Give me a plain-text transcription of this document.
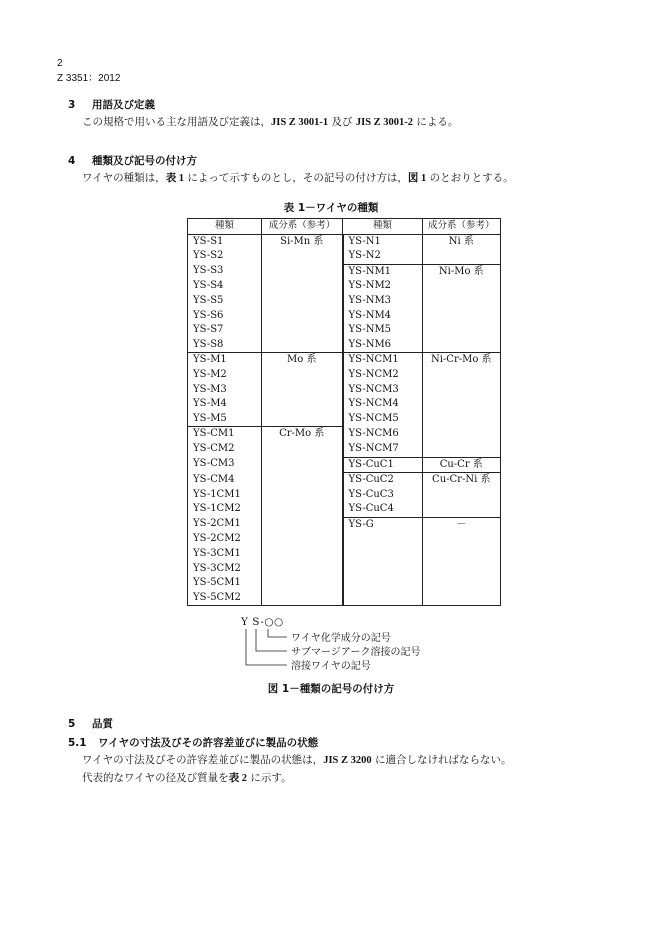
2
Z 3351：2012
3 用語及び定義
この規格で用いる主な用語及び定義は，JIS Z 3001-1 及び JIS Z 3001-2 による。
4 種類及び記号の付け方
ワイヤの種類は，表 1 によって示すものとし，その記号の付け方は，図 1 のとおりとする。
表 1－ワイヤの種類
種類	成分系（参考）	種類	成分系（参考）
YS-S1	Si-Mn 系	YS-N1	Ni 系
YS-S2		YS-N2	
YS-S3		YS-NM1	Ni-Mo 系
YS-S4		YS-NM2	
YS-S5		YS-NM3	
YS-S6		YS-NM4	
YS-S7		YS-NM5	
YS-S8		YS-NM6	
YS-M1	Mo 系	YS-NCM1	Ni-Cr-Mo 系
YS-M2		YS-NCM2	
YS-M3		YS-NCM3	
YS-M4		YS-NCM4	
YS-M5		YS-NCM5	
YS-CM1	Cr-Mo 系	YS-NCM6	
YS-CM2		YS-NCM7	
YS-CM3		YS-CuC1	Cu-Cr 系
YS-CM4		YS-CuC2	Cu-Cr-Ni 系
YS-1CM1		YS-CuC3	
YS-1CM2		YS-CuC4	
YS-2CM1		YS-G	－
YS-2CM2			
YS-3CM1			
YS-3CM2			
YS-5CM1			
YS-5CM2			
Y S-○○
ワイヤ化学成分の記号
サブマージアーク溶接の記号
溶接ワイヤの記号
図 1－種類の記号の付け方
5 品質
5.1 ワイヤの寸法及びその許容差並びに製品の状態
ワイヤの寸法及びその許容差並びに製品の状態は，JIS Z 3200 に適合しなければならない。
代表的なワイヤの径及び質量を表 2 に示す。
